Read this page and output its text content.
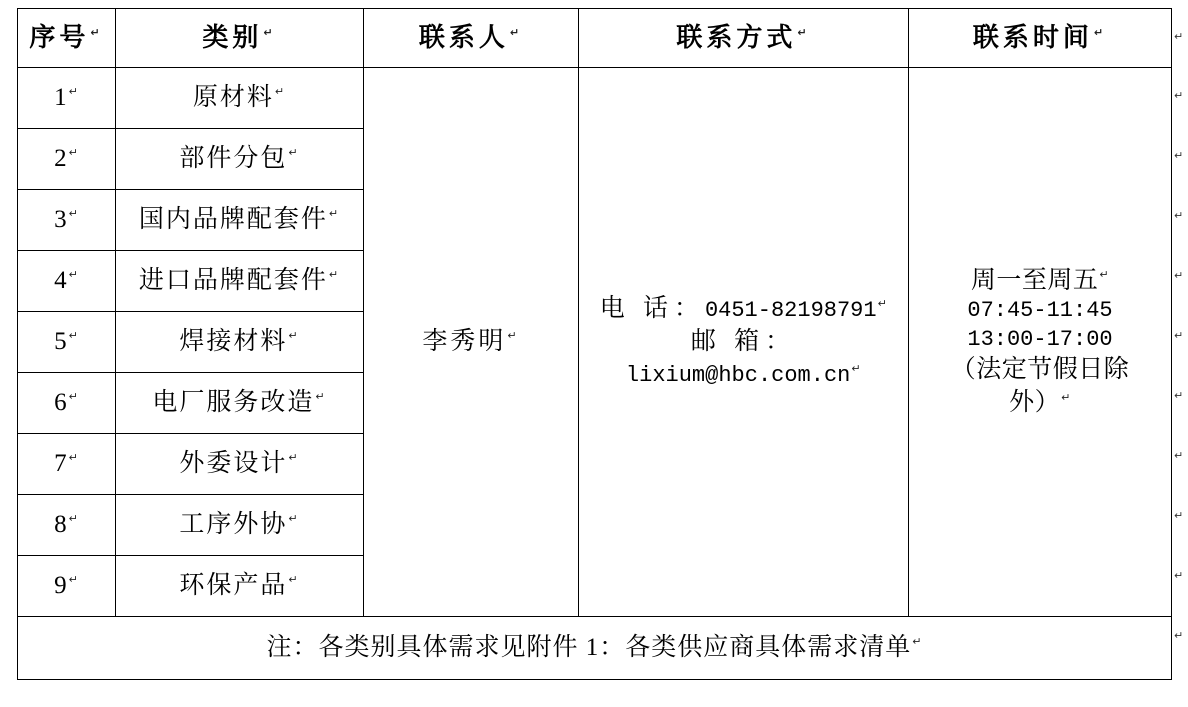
序号↵	类别↵	联系人↵	联系方式↵	联系时间↵
1↵	原材料↵	李秀明↵	电 话：0451-82198791↵
邮 箱：
lixium@hbc.com.cn↵	周一至周五↵
07:45-11:45
13:00-17:00
（法定节假日除
外）↵

2↵	部件分包↵
3↵	国内品牌配套件↵
4↵	进口品牌配套件↵
5↵	焊接材料↵
6↵	电厂服务改造↵
7↵	外委设计↵
8↵	工序外协↵
9↵	环保产品↵
注：各类别具体需求见附件 1：各类供应商具体需求清单↵
↵
↵
↵
↵
↵
↵
↵
↵
↵
↵
↵
